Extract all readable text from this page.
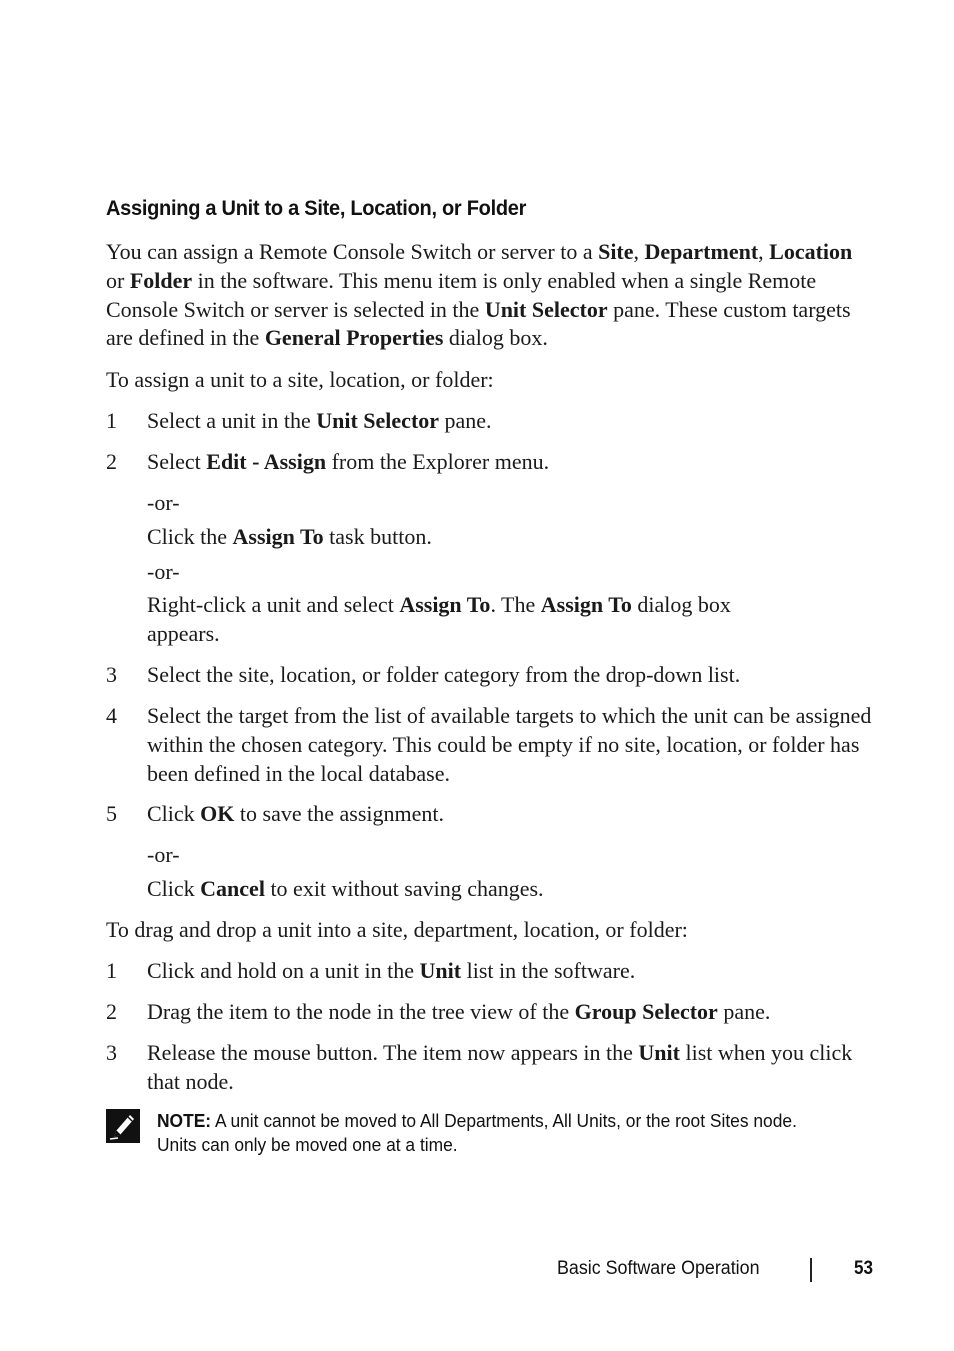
Assigning a Unit to a Site, Location, or Folder

You can assign a Remote Console Switch or server to a Site, Department, Location or Folder in the software. This menu item is only enabled when a single Remote Console Switch or server is selected in the Unit Selector pane. These custom targets are defined in the General Properties dialog box.

To assign a unit to a site, location, or folder:
1 Select a unit in the Unit Selector pane.
2 Select Edit - Assign from the Explorer menu.
-or-
Click the Assign To task button.
-or-
Right-click a unit and select Assign To. The Assign To dialog box appears.
3 Select the site, location, or folder category from the drop-down list.
4 Select the target from the list of available targets to which the unit can be assigned within the chosen category. This could be empty if no site, location, or folder has been defined in the local database.
5 Click OK to save the assignment.
-or-
Click Cancel to exit without saving changes.
To drag and drop a unit into a site, department, location, or folder:
1 Click and hold on a unit in the Unit list in the software.
2 Drag the item to the node in the tree view of the Group Selector pane.
3 Release the mouse button. The item now appears in the Unit list when you click that node.
NOTE: A unit cannot be moved to All Departments, All Units, or the root Sites node. Units can only be moved one at a time.
Basic Software Operation	53
